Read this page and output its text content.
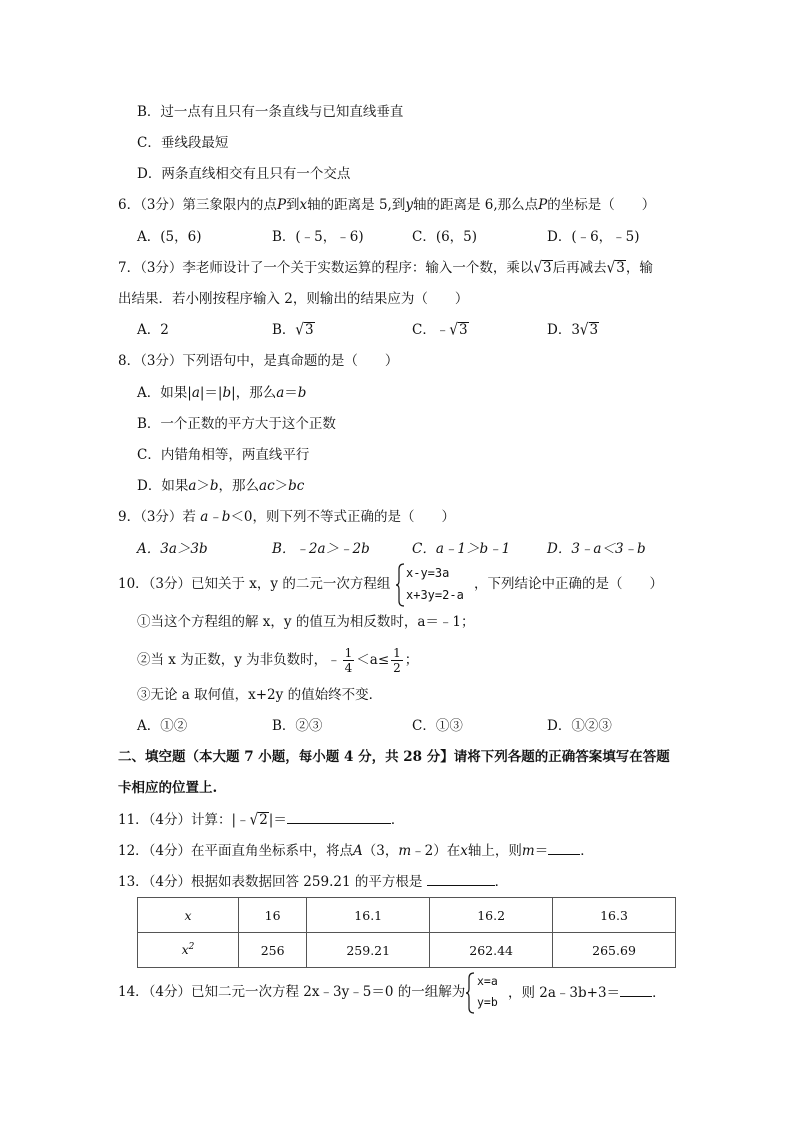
B．过一点有且只有一条直线与已知直线垂直
C．垂线段最短
D．两条直线相交有且只有一个交点
6．（3分）第三象限内的点P到x轴的距离是 5,到y轴的距离是 6,那么点P的坐标是（　　）
A．(5，6)	B．(﹣5，﹣6)	C．(6，5)	D．(﹣6，﹣5)
7．（3分）李老师设计了一个关于实数运算的程序：输入一个数，乘以√3后再减去√3，输
出结果．若小刚按程序输入 2，则输出的结果应为（　　）
A．2	B．√3	C．﹣√3	D．3√3
8．（3分）下列语句中，是真命题的是（　　）
A．如果|a|＝|b|，那么a＝b
B．一个正数的平方大于这个正数
C．内错角相等，两直线平行
D．如果a＞b，那么ac＞bc
9．（3分）若 a﹣b＜0，则下列不等式正确的是（　　）
A．3a＞3b	B．﹣2a＞﹣2b	C．a﹣1＞b﹣1	D．3﹣a＜3﹣b
10．（3分）已知关于 x，y 的二元一次方程组
x-y=3a
x+3y=2-a
，下列结论中正确的是（　　）
①当这个方程组的解 x，y 的值互为相反数时，a＝﹣1；
②当 x 为正数，y 为非负数时，﹣ $\frac{1}{4} <a\le \frac{1}{2}$ ；
③无论 a 取何值，x+2y 的值始终不变．
A．①②	B．②③	C．①③	D．①②③
二、填空题（本大题 7 小题，每小题 4 分，共 28 分】请将下列各题的正确答案填写在答题
卡相应的位置上.
11．（4分）计算：|﹣√2|＝	．
12．（4分）在平面直角坐标系中，将点A（3，m﹣2）在x轴上，则m＝ ．
13．（4分）根据如表数据回答 259.21 的平方根是	．
x	16	16.1	16.2	16.3
$x^2$	256	259.21	262.44	265.69
14．（4分）已知二元一次方程 2x﹣3y﹣5＝0 的一组解为
x=a
y=b
，则 2a﹣3b+3＝ ．
